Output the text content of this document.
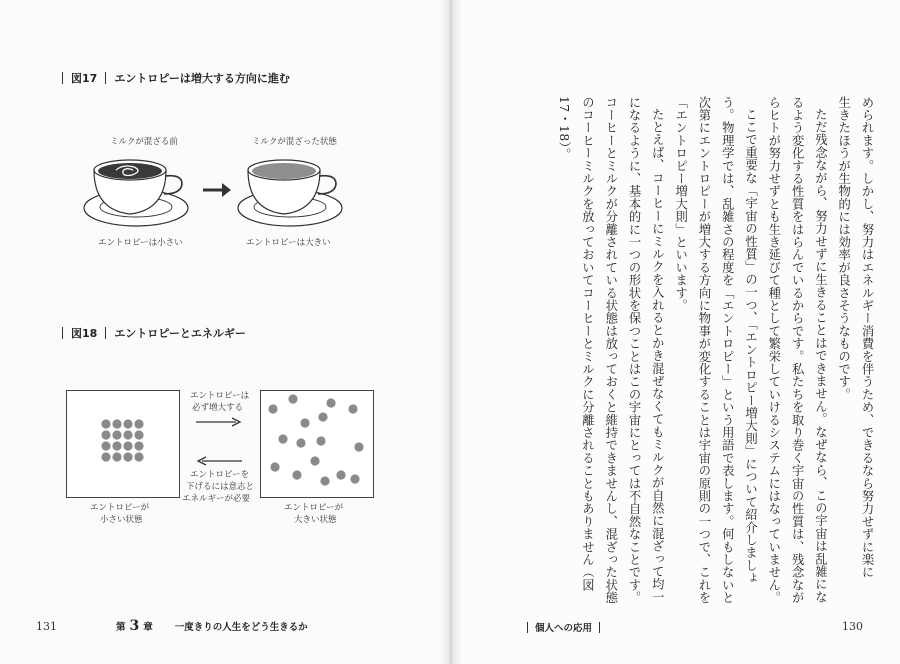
図17 エントロピーは増大する方向に進む
ミルクが混ざる前	ミルクが混ざった状態
エントロピーは小さい	エントロピーは大きい
図18 エントロピーとエネルギー
エントロピーは
必ず増大する
エントロピーを
下げるには意志と
エネルギーが必要
エントロピーが
小さい状態
エントロピーが
大きい状態
131	第 3 章 一度きりの人生をどう生きるか

められます。しかし、努力はエネルギー消費を伴うため、できるなら努力せずに楽に

生きたほうが生物的には効率が良さそうなものです。

ただ残念ながら、努力せずに生きることはできません。なぜなら、この宇宙は乱雑になるよう変化する性質をはらんでいるからです。私たちを取り巻く宇宙の性質は、残念ながらヒトが努力せずとも生き延びて種として繁栄していけるシステムにはなっていません。

ここで重要な「宇宙の性質」の一つ、「エントロピー増大則」について紹介しましょう。物理学では、乱雑さの程度を「エントロピー」という用語で表します。何もしないと次第にエントロピーが増大する方向に物事が変化することは宇宙の原則の一つで、これを「エントロピー増大則」といいます。

たとえば、コーヒーにミルクを入れるとかき混ぜなくてもミルクが自然に混ざって均一になるように、基本的に一つの形状を保つことはこの宇宙にとっては不自然なことです。コーヒーとミルクが分離されている状態は放っておくと維持できませんし、混ざった状態のコーヒーミルクを放っておいてコーヒーとミルクに分離されることもありません（図17・18）。

個人への応用	130
